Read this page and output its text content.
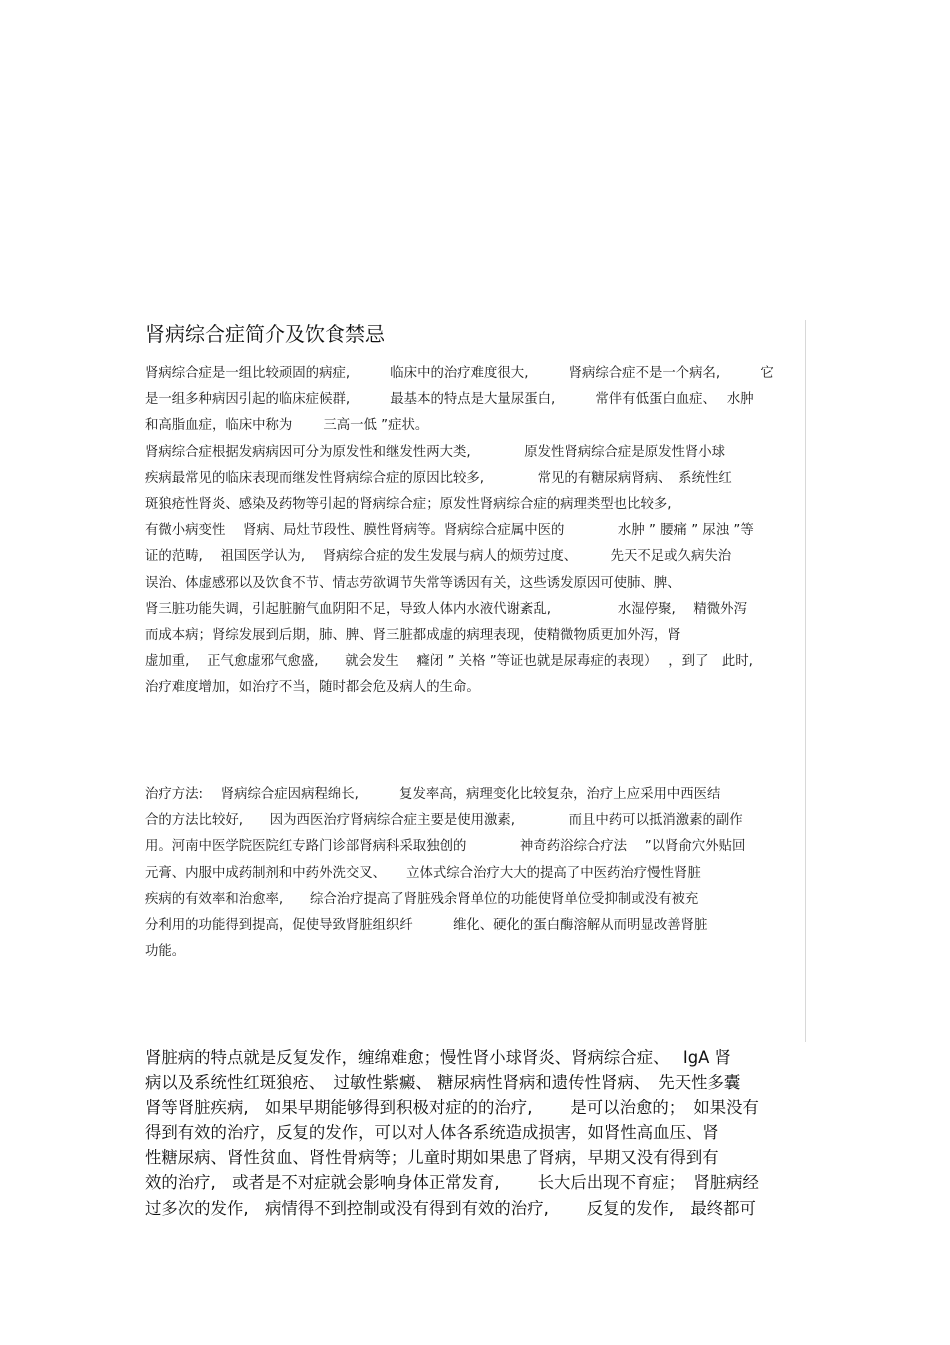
肾病综合症简介及饮食禁忌
肾病综合症是一组比较顽固的病症,　　　临床中的治疗难度很大,　　　肾病综合症不是一个病名,　　　它
是一组多种病因引起的临床症候群,　　　最基本的特点是大量尿蛋白,　　　常伴有低蛋白血症、　 水肿
和高脂血症，临床中称为　　 三高一低 ”症状。
肾病综合症根据发病病因可分为原发性和继发性两大类,　　　　原发性肾病综合症是原发性肾小球
疾病最常见的临床表现而继发性肾病综合症的原因比较多,　　　　常见的有糖尿病肾病、　系统性红
斑狼疮性肾炎、感染及药物等引起的肾病综合症；原发性肾病综合症的病理类型也比较多,
有微小病变性　 肾病、局灶节段性、膜性肾病等。肾病综合症属中医的　　　　水肿 ” 腰痛 ” 尿浊 ”等
证的范畴,　 祖国医学认为,　 肾病综合症的发生发展与病人的烦劳过度、　　　先天不足或久病失治
误治、体虚感邪以及饮食不节、情志劳欲调节失常等诱因有关，这些诱发原因可使肺、脾、
肾三脏功能失调，引起脏腑气血阴阳不足，导致人体内水液代谢紊乱,　　　　　水湿停聚,　 精微外泻
而成本病；肾综发展到后期，肺、脾、肾三脏都成虚的病理表现，使精微物质更加外泻，肾
虚加重,　 正气愈虚邪气愈盛,　　就会发生　 癃闭 ” 关格 ”等证也就是尿毒症的表现）　 ，到了　此时,
治疗难度增加，如治疗不当，随时都会危及病人的生命。
治疗方法:　 肾病综合症因病程绵长,　　　复发率高，病理变化比较复杂，治疗上应采用中西医结
合的方法比较好,　　因为西医治疗肾病综合症主要是使用激素,　　　　而且中药可以抵消激素的副作
用。河南中医学院医院红专路门诊部肾病科采取独创的　　　　神奇药浴综合疗法　 ”以肾俞穴外贴回
元膏、内服中成药制剂和中药外洗交叉、　　立体式综合治疗大大的提高了中医药治疗慢性肾脏
疾病的有效率和治愈率,　　综合治疗提高了肾脏残余肾单位的功能使肾单位受抑制或没有被充
分利用的功能得到提高，促使导致肾脏组织纤　　　维化、硬化的蛋白酶溶解从而明显改善肾脏
功能。
肾脏病的特点就是反复发作，缠绵难愈；慢性肾小球肾炎、肾病综合症、　 IgA 肾
病以及系统性红斑狼疮、　过敏性紫癜、 糖尿病性肾病和遗传性肾病、　先天性多囊
肾等肾脏疾病,　如果早期能够得到积极对症的的治疗,　　 是可以治愈的；　如果没有
得到有效的治疗，反复的发作，可以对人体各系统造成损害，如肾性高血压、肾
性糖尿病、肾性贫血、肾性骨病等；儿童时期如果患了肾病，早期又没有得到有
效的治疗,　或者是不对症就会影响身体正常发育,　　 长大后出现不育症；　肾脏病经
过多次的发作,　病情得不到控制或没有得到有效的治疗,　　 反复的发作,　最终都可
